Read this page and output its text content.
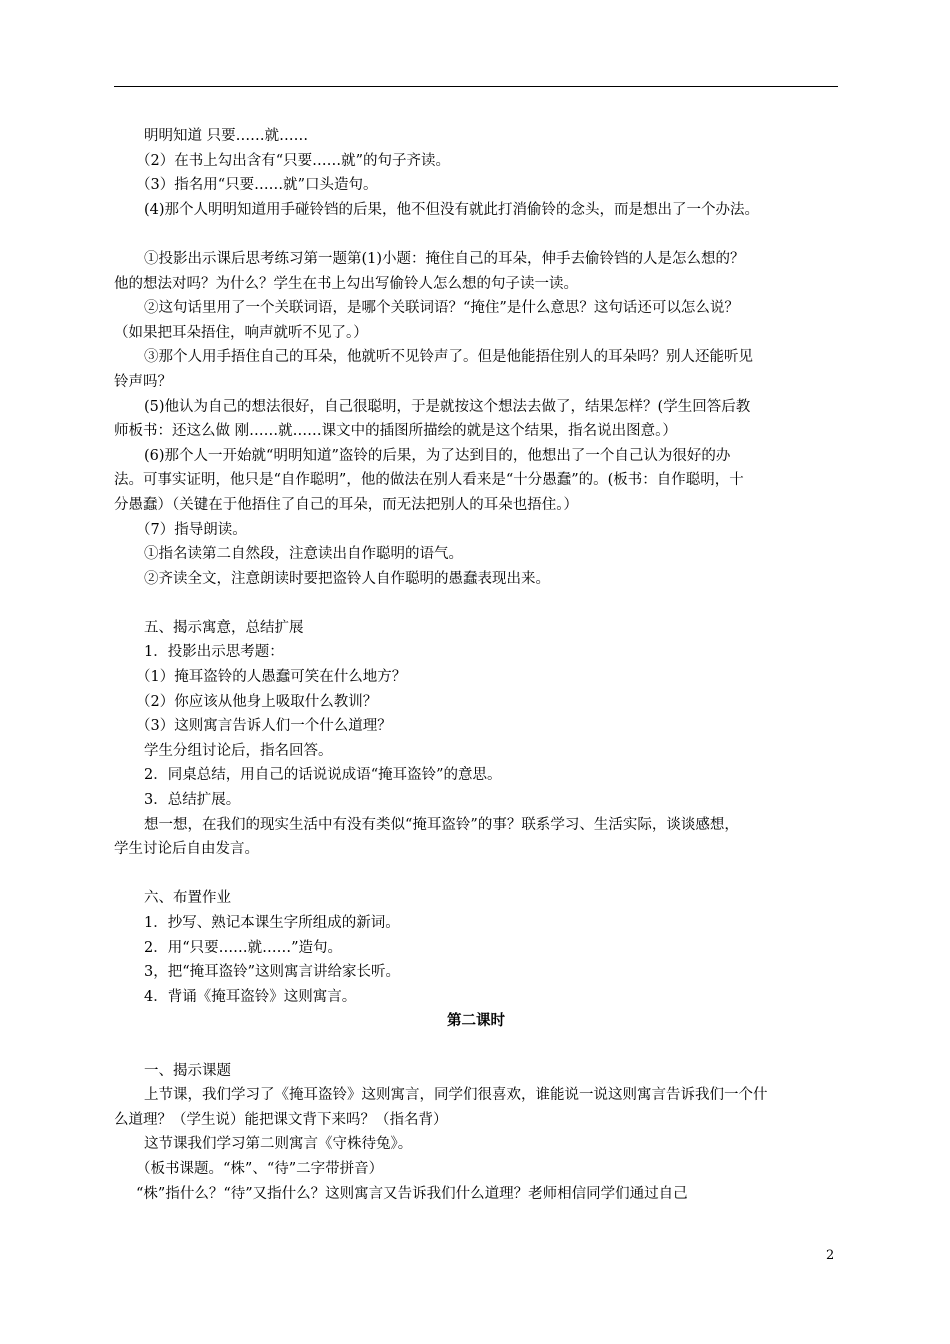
明明知道 只要……就……
（2）在书上勾出含有“只要……就”的句子齐读。
（3）指名用“只要……就”口头造句。
(4)那个人明明知道用手碰铃铛的后果，他不但没有就此打消偷铃的念头，而是想出了一个办法。
①投影出示课后思考练习第一题第(1)小题：掩住自己的耳朵，伸手去偷铃铛的人是怎么想的？
他的想法对吗？为什么？学生在书上勾出写偷铃人怎么想的句子读一读。
②这句话里用了一个关联词语，是哪个关联词语？“掩住”是什么意思？这句话还可以怎么说？
（如果把耳朵捂住，响声就听不见了。）
③那个人用手捂住自己的耳朵，他就听不见铃声了。但是他能捂住别人的耳朵吗？别人还能听见
铃声吗？
(5)他认为自己的想法很好，自己很聪明，于是就按这个想法去做了，结果怎样？(学生回答后教
师板书：还这么做 刚……就……课文中的插图所描绘的就是这个结果，指名说出图意。）
(6)那个人一开始就“明明知道”盗铃的后果，为了达到目的，他想出了一个自己认为很好的办
法。可事实证明，他只是“自作聪明”，他的做法在别人看来是“十分愚蠢”的。(板书：自作聪明，十
分愚蠢）（关键在于他捂住了自己的耳朵，而无法把别人的耳朵也捂住。）
（7）指导朗读。
①指名读第二自然段，注意读出自作聪明的语气。
②齐读全文，注意朗读时要把盗铃人自作聪明的愚蠢表现出来。
五、揭示寓意，总结扩展
1．投影出示思考题：
（1）掩耳盗铃的人愚蠢可笑在什么地方？
（2）你应该从他身上吸取什么教训？
（3）这则寓言告诉人们一个什么道理？
学生分组讨论后，指名回答。
2．同桌总结，用自己的话说说成语“掩耳盗铃”的意思。
3．总结扩展。
想一想，在我们的现实生活中有没有类似“掩耳盗铃”的事？联系学习、生活实际，谈谈感想，
学生讨论后自由发言。
六、布置作业
1．抄写、熟记本课生字所组成的新词。
2．用“只要……就……”造句。
3，把“掩耳盗铃”这则寓言讲给家长听。
4．背诵《掩耳盗铃》这则寓言。
第二课时
一、揭示课题
上节课，我们学习了《掩耳盗铃》这则寓言，同学们很喜欢，谁能说一说这则寓言告诉我们一个什
么道理？（学生说）能把课文背下来吗？（指名背）
这节课我们学习第二则寓言《守株待兔》。
（板书课题。“株”、“待”二字带拼音）
“株”指什么？“待”又指什么？这则寓言又告诉我们什么道理？老师相信同学们通过自己
2
